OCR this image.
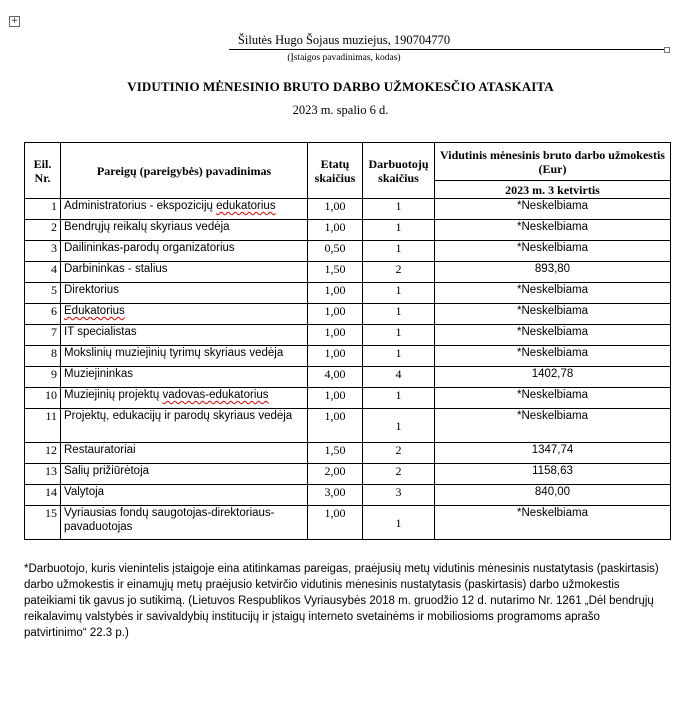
+
Šilutės Hugo Šojaus muziejus, 190704770
(Įstaigos pavadinimas, kodas)
VIDUTINIO MĖNESINIO BRUTO DARBO UŽMOKESČIO ATASKAITA
2023 m. spalio 6 d.
Eil.
Nr.	Pareigų (pareigybės) pavadinimas	Etatų
skaičius	Darbuotojų
skaičius	Vidutinis mėnesinis bruto darbo užmokestis (Eur)
				2023 m. 3 ketvirtis
1	Administratorius - ekspozicijų edukatorius	1,00	1	*Neskelbiama
2	Bendrųjų reikalų skyriaus vedėja	1,00	1	*Neskelbiama
3	Dailininkas-parodų organizatorius	0,50	1	*Neskelbiama
4	Darbininkas - stalius	1,50	2	893,80
5	Direktorius	1,00	1	*Neskelbiama
6	Edukatorius	1,00	1	*Neskelbiama
7	IT specialistas	1,00	1	*Neskelbiama
8	Mokslinių muziejinių tyrimų skyriaus vedėja	1,00	1	*Neskelbiama
9	Muziejininkas	4,00	4	1402,78
10	Muziejinių projektų vadovas-edukatorius	1,00	1	*Neskelbiama
11	Projektų, edukacijų ir parodų skyriaus vedėja	1,00	1	*Neskelbiama
12	Restauratoriai	1,50	2	1347,74
13	Salių prižiūrėtoja	2,00	2	1158,63
14	Valytoja	3,00	3	840,00
15	Vyriausias fondų saugotojas-direktoriaus-pavaduotojas	1,00	1	*Neskelbiama
*Darbuotojo, kuris vienintelis įstaigoje eina atitinkamas pareigas, praėjusių metų vidutinis mėnesinis nustatytasis (paskirtasis) darbo užmokestis ir einamųjų metų praėjusio ketvirčio vidutinis mėnesinis nustatytasis (paskirtasis) darbo užmokestis pateikiami tik gavus jo sutikimą. (Lietuvos Respublikos Vyriausybės 2018 m. gruodžio 12 d. nutarimo Nr. 1261 „Dėl bendrųjų reikalavimų valstybės ir savivaldybių institucijų ir įstaigų interneto svetainėms ir mobiliosioms programoms aprašo patvirtinimo“ 22.3 p.)
